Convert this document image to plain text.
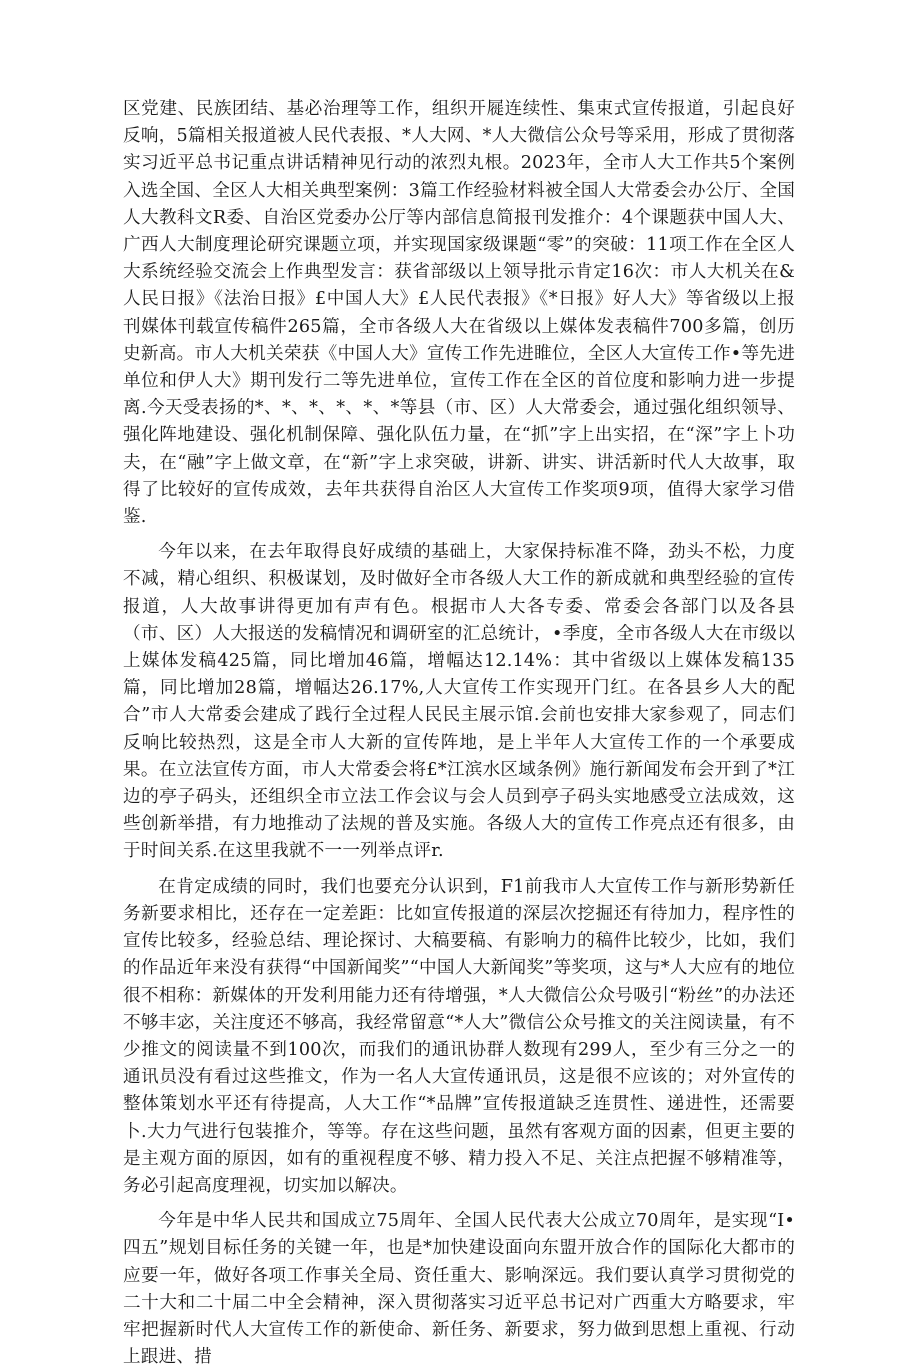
区党建、民族团结、基必治理等工作，组织开屣连续性、集束式宣传报道，引起良好反响，5篇相关报道被人民代表报、*人大网、*人大微信公众号等采用，形成了贯彻落实习近平总书记重点讲话精神见行动的浓烈丸根。2023年，全市人大工作共5个案例入选全国、全区人大相关典型案例：3篇工作经验材料被全国人大常委会办公厅、全国人大教科文R委、自治区党委办公厅等内部信息简报刊发推介：4个课题获中国人大、广西人大制度理论研究课题立项，并实现国家级课题“零”的突破：11项工作在全区人大系统经验交流会上作典型发言：获省部级以上领导批示肯定16次：市人大机关在&人民日报》《法治日报》£中国人大》£人民代表报》《*日报》好人大》等省级以上报刊媒体刊载宣传稿件265篇，全市各级人大在省级以上媒体发表稿件700多篇，创历史新高。市人大机关荣获《中国人大》宣传工作先进睢位，全区人大宣传工作•等先进单位和伊人大》期刊发行二等先进单位，宣传工作在全区的首位度和影响力进一步提离.今天受表扬的*、*、*、*、*、*等县（市、区）人大常委会，通过强化组织领导、强化阵地建设、强化机制保障、强化队伍力量，在“抓”字上出实招，在“深”字上卜功夫，在“融”字上做文章，在“新”字上求突破，讲新、讲实、讲活新时代人大故事，取得了比较好的宣传成效，去年共获得自治区人大宣传工作奖项9项，值得大家学习借鉴.

今年以来，在去年取得良好成绩的基础上，大家保持标准不降，劲头不松，力度不减，精心组织、积极谋划，及时做好全市各级人大工作的新成就和典型经验的宣传报道，人大故事讲得更加有声有色。根据市人大各专委、常委会各部门以及各县（市、区）人大报送的发稿情况和调研室的汇总统计，•季度，全市各级人大在市级以上媒体发稿425篇，同比增加46篇，增幅达12.14%：其中省级以上媒体发稿135篇，同比增加28篇，增幅达26.17%,人大宣传工作实现开门红。在各县乡人大的配合”市人大常委会建成了践行全过程人民民主展示馆.会前也安排大家参观了，同志们反响比较热烈，这是全市人大新的宣传阵地，是上半年人大宣传工作的一个承要成果。在立法宣传方面，市人大常委会将£*江滨水区域条例》施行新闻发布会开到了*江边的亭子码头，还组织全市立法工作会议与会人员到亭子码头实地感受立法成效，这些创新举措，有力地推动了法规的普及实施。各级人大的宣传工作亮点还有很多，由于时间关系.在这里我就不一一列举点评r.

在肯定成绩的同时，我们也要充分认识到，F1前我市人大宣传工作与新形势新任务新要求相比，还存在一定差距：比如宣传报道的深层次挖掘还有待加力，程序性的宣传比较多，经验总结、理论探讨、大稿要稿、有影响力的稿件比较少，比如，我们的作品近年来没有获得“中国新闻奖”“中国人大新闻奖”等奖项，这与*人大应有的地位很不相称：新媒体的开发利用能力还有待增强，*人大微信公众号吸引“粉丝”的办法还不够丰宓，关注度还不够高，我经常留意“*人大”微信公众号推文的关注阅读量，有不少推文的阅读量不到100次，而我们的通讯协群人数现有299人，至少有三分之一的通讯员没有看过这些推文，作为一名人大宣传通讯员，这是很不应该的；对外宣传的整体策划水平还有待提高，人大工作“*品牌”宣传报道缺乏连贯性、递进性，还需要卜.大力气进行包装推介，等等。存在这些问题，虽然有客观方面的因素，但更主要的是主观方面的原因，如有的重视程度不够、精力投入不足、关注点把握不够精准等，务必引起高度理视，切实加以解决。

今年是中华人民共和国成立75周年、全国人民代表大公成立70周年，是实现“I•四五”规划目标任务的关键一年，也是*加快建设面向东盟开放合作的国际化大都市的应要一年，做好各项工作事关全局、资任重大、影响深远。我们要认真学习贯彻党的二十大和二十届二中全会精神，深入贯彻落实习近平总书记对广西重大方略要求，牢牢把握新时代人大宣传工作的新使命、新任务、新要求，努力做到思想上重视、行动上跟进、措
